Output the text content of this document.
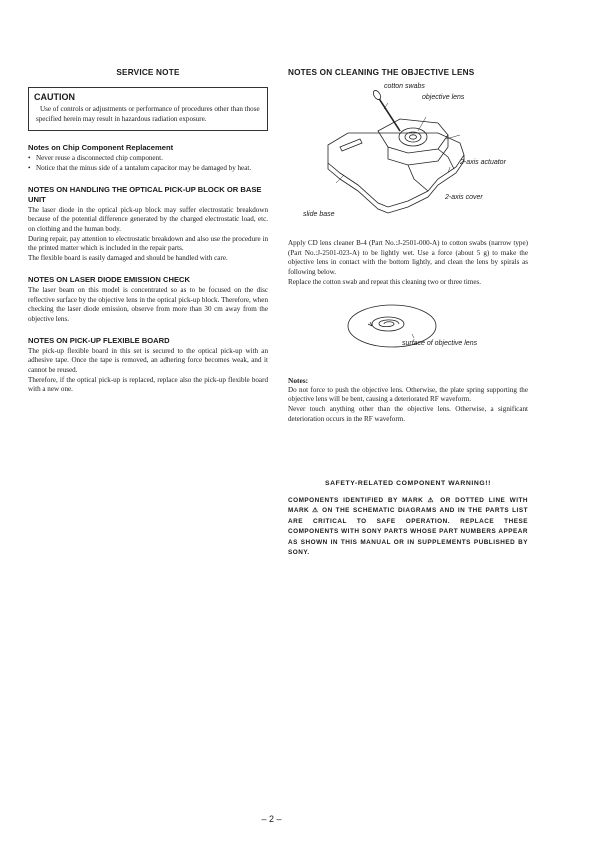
SERVICE NOTE
CAUTION
Use of controls or adjustments or performance of procedures other than those specified herein may result in hazardous radiation exposure.
Notes on Chip Component Replacement
• Never reuse a disconnected chip component.
• Notice that the minus side of a tantalum capacitor may be damaged by heat.
NOTES ON HANDLING THE OPTICAL PICK-UP BLOCK OR BASE UNIT

The laser diode in the optical pick-up block may suffer electrostatic breakdown because of the potential difference generated by the charged electrostatic load, etc. on clothing and the human body.

During repair, pay attention to electrostatic breakdown and also use the procedure in the printed matter which is included in the repair parts.

The flexible board is easily damaged and should be handled with care.

NOTES ON LASER DIODE EMISSION CHECK

The laser beam on this model is concentrated so as to be focused on the disc reflective surface by the objective lens in the optical pick-up block. Therefore, when checking the laser diode emission, observe from more than 30 cm away from the objective lens.

NOTES ON PICK-UP FLEXIBLE BOARD

The pick-up flexible board in this set is secured to the optical pick-up with an adhesive tape. Once the tape is removed, an adhering force becomes weak, and it cannot be reused.

Therefore, if the optical pick-up is replaced, replace also the pick-up flexible board with a new one.

NOTES ON CLEANING THE OBJECTIVE LENS
cotton swabs
objective lens
2-axis actuator
2-axis cover
slide base

Apply CD lens cleaner B-4 (Part No.:J-2501-000-A) to cotton swabs (narrow type) (Part No.:J-2501-023-A) to be lightly wet. Use a force (about 5 g) to make the objective lens in contact with the bottom lightly, and clean the lens by spirals as following below.

Replace the cotton swab and repeat this cleaning two or three times.

surface of objective lens
Notes:

Do not force to push the objective lens. Otherwise, the plate spring supporting the objective lens will be bent, causing a deteriorated RF waveform.

Never touch anything other than the objective lens. Otherwise, a significant deterioration occurs in the RF waveform.

SAFETY-RELATED COMPONENT WARNING!!
COMPONENTS IDENTIFIED BY MARK ⚠ OR DOTTED LINE WITH MARK ⚠ ON THE SCHEMATIC DIAGRAMS AND IN THE PARTS LIST ARE CRITICAL TO SAFE OPERATION. REPLACE THESE COMPONENTS WITH SONY PARTS WHOSE PART NUMBERS APPEAR AS SHOWN IN THIS MANUAL OR IN SUPPLEMENTS PUBLISHED BY SONY.
– 2 –
